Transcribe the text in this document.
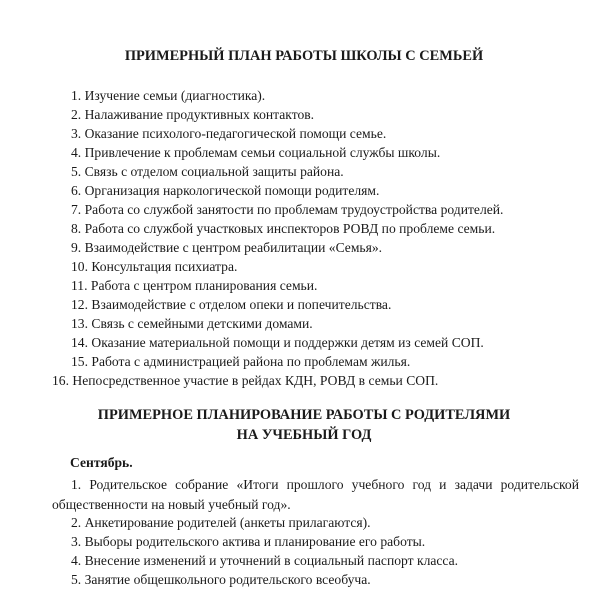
ПРИМЕРНЫЙ ПЛАН РАБОТЫ ШКОЛЫ С СЕМЬЕЙ
1. Изучение семьи (диагностика).
2. Налаживание продуктивных контактов.
3. Оказание психолого-педагогической помощи семье.
4. Привлечение к проблемам семьи социальной службы школы.
5. Связь с отделом социальной защиты района.
6. Организация наркологической помощи родителям.
7. Работа со службой занятости по проблемам трудоустройства родителей.
8. Работа со службой участковых инспекторов РОВД по проблеме семьи.
9. Взаимодействие с центром реабилитации «Семья».
10. Консультация психиатра.
11. Работа с центром планирования семьи.
12. Взаимодействие с отделом опеки и попечительства.
13. Связь с семейными детскими домами.
14. Оказание материальной помощи и поддержки детям из семей СОП.
15. Работа с администрацией района по проблемам жилья.
16. Непосредственное участие в рейдах КДН, РОВД в семьи СОП.
ПРИМЕРНОЕ ПЛАНИРОВАНИЕ РАБОТЫ С РОДИТЕЛЯМИ
НА УЧЕБНЫЙ ГОД
Сентябрь.
1. Родительское собрание «Итоги прошлого учебного год и задачи родительской общественности на новый учебный год».
2. Анкетирование родителей (анкеты прилагаются).
3. Выборы родительского актива и планирование его работы.
4. Внесение изменений и уточнений в социальный паспорт класса.
5. Занятие общешкольного родительского всеобуча.
